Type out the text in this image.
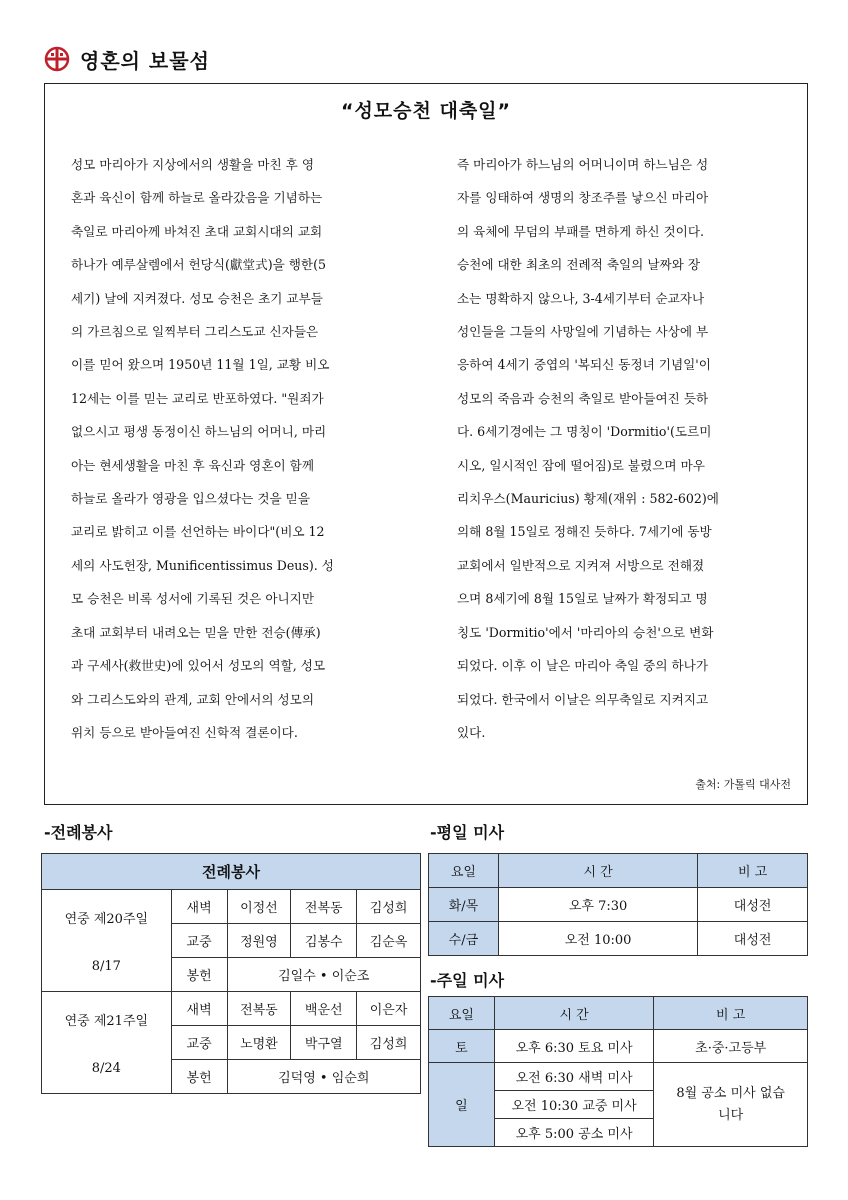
영혼의 보물섬
“성모승천 대축일”
성모 마리아가 지상에서의 생활을 마친 후 영
혼과 육신이 함께 하늘로 올라갔음을 기념하는
축일로 마리아께 바쳐진 초대 교회시대의 교회
하나가 예루살렘에서 헌당식(獻堂式)을 행한(5
세기) 날에 지켜졌다. 성모 승천은 초기 교부들
의 가르침으로 일찍부터 그리스도교 신자들은
이를 믿어 왔으며 1950년 11월 1일, 교황 비오
12세는 이를 믿는 교리로 반포하였다. "원죄가
없으시고 평생 동정이신 하느님의 어머니, 마리
아는 현세생활을 마친 후 육신과 영혼이 함께
하늘로 올라가 영광을 입으셨다는 것을 믿을
교리로 밝히고 이를 선언하는 바이다"(비오 12
세의 사도헌장, Munificentissimus Deus). 성
모 승천은 비록 성서에 기록된 것은 아니지만
초대 교회부터 내려오는 믿을 만한 전승(傳承)
과 구세사(救世史)에 있어서 성모의 역할, 성모
와 그리스도와의 관계, 교회 안에서의 성모의
위치 등으로 받아들여진 신학적 결론이다.
즉 마리아가 하느님의 어머니이며 하느님은 성
자를 잉태하여 생명의 창조주를 낳으신 마리아
의 육체에 무덤의 부패를 면하게 하신 것이다.
승천에 대한 최초의 전례적 축일의 날짜와 장
소는 명확하지 않으나, 3-4세기부터 순교자나
성인들을 그들의 사망일에 기념하는 사상에 부
응하여 4세기 중엽의 '복되신 동정녀 기념일'이
성모의 죽음과 승천의 축일로 받아들여진 듯하
다. 6세기경에는 그 명칭이 'Dormitio'(도르미
시오, 일시적인 잠에 떨어짐)로 불렸으며 마우
리치우스(Mauricius) 황제(재위 : 582-602)에
의해 8월 15일로 정해진 듯하다. 7세기에 동방
교회에서 일반적으로 지켜져 서방으로 전해졌
으며 8세기에 8월 15일로 날짜가 확정되고 명
칭도 'Dormitio'에서 '마리아의 승천'으로 변화
되었다. 이후 이 날은 마리아 축일 중의 하나가
되었다. 한국에서 이날은 의무축일로 지켜지고
있다.
출처: 가톨릭 대사전
-전례봉사	-평일 미사
-주일 미사
전례봉사				

연중 제20주일
8/17	새벽	이정선	전복동	김성희
	교중	정원영	김봉수	김순옥
	봉헌	김일수 • 이순조		

연중 제21주일
8/24	새벽	전복동	백운선	이은자
	교중	노명환	박구열	김성희
	봉헌	김덕영 • 임순희		
요일	시 간	비 고
화/목	오후 7:30	대성전
수/금	오전 10:00	대성전
요일	시 간	비 고
토	오후 6:30 토요 미사	초·중·고등부
일	오전 6:30 새벽 미사	8월 공소 미사 없습니다
	오전 10:30 교중 미사	
	오후 5:00 공소 미사	
